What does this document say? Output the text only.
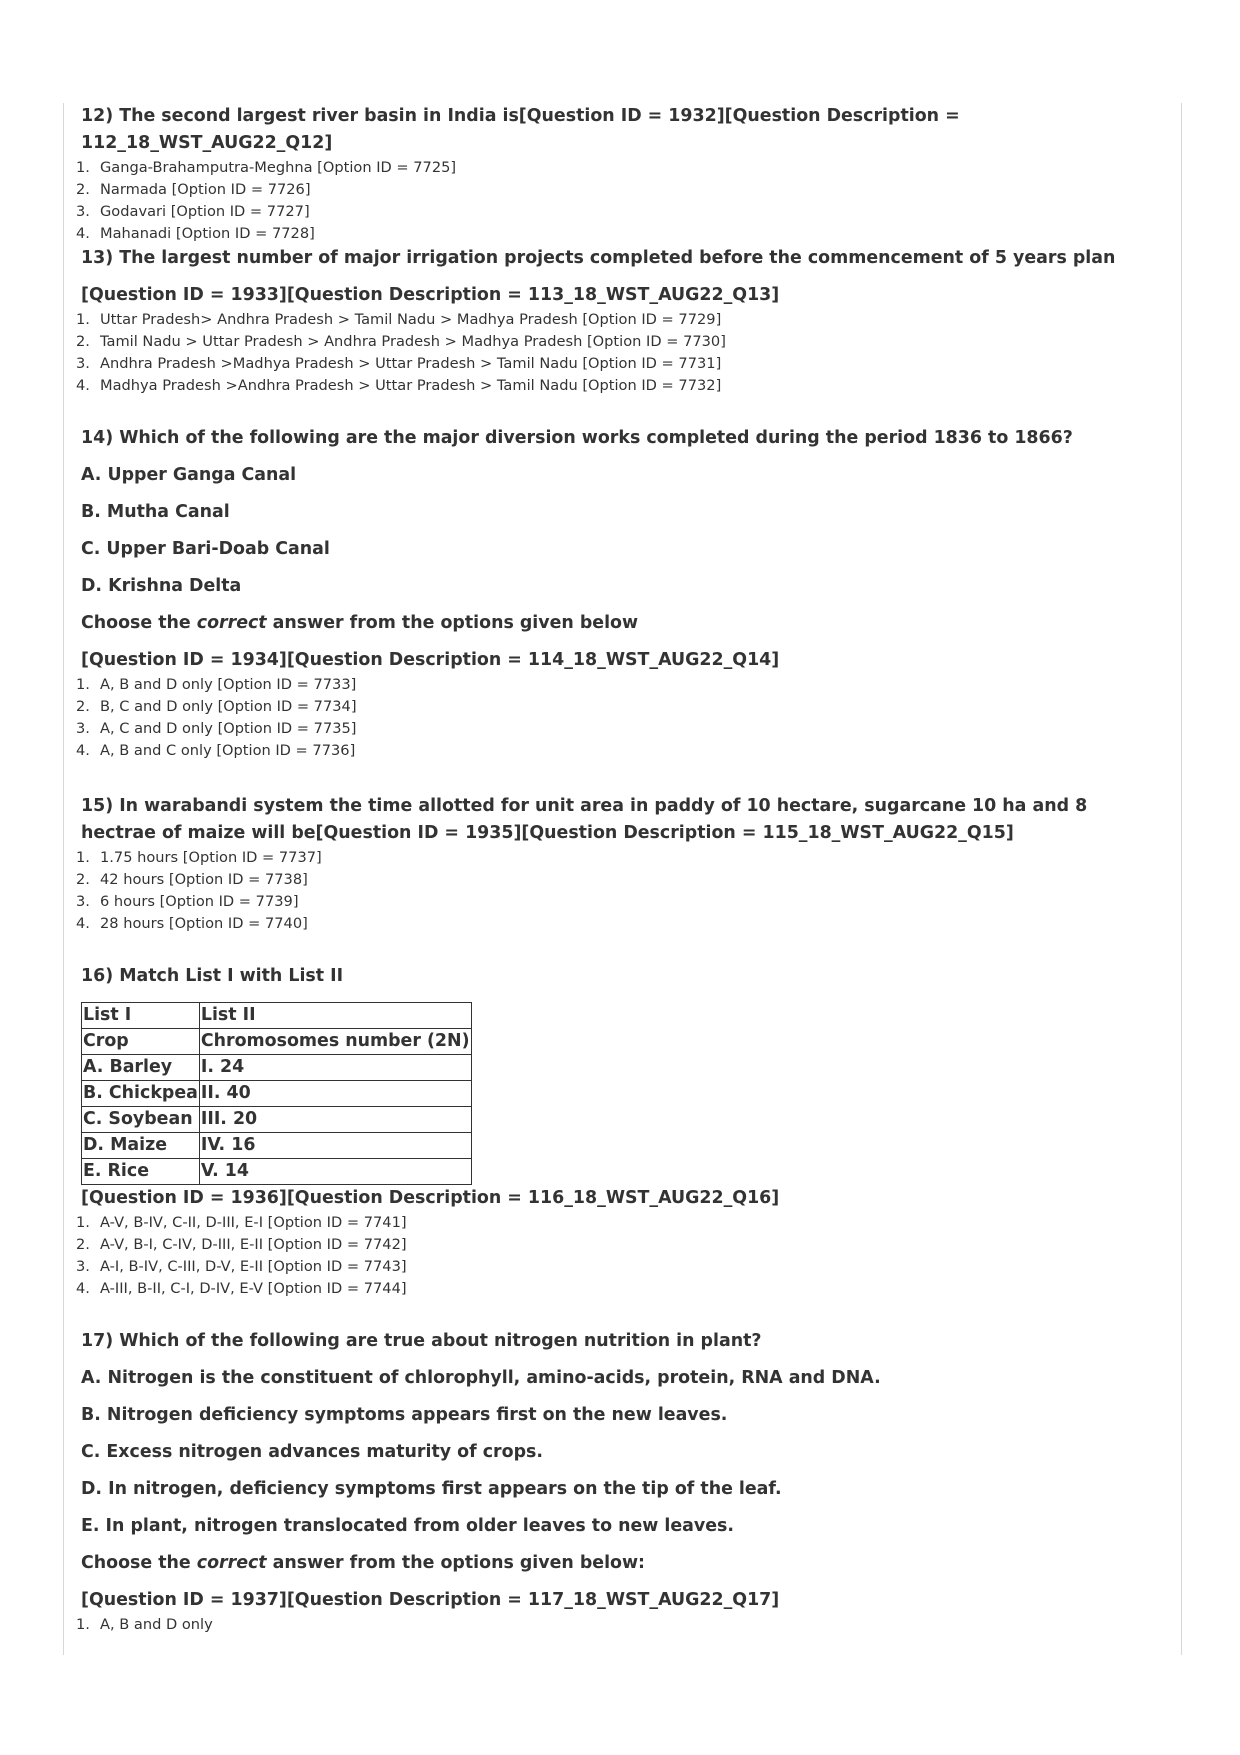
12) The second largest river basin in India is[Question ID = 1932][Question Description = 112_18_WST_AUG22_Q12]
1. Ganga-Brahamputra-Meghna [Option ID = 7725]
2. Narmada [Option ID = 7726]
3. Godavari [Option ID = 7727]
4. Mahanadi [Option ID = 7728]
13) The largest number of major irrigation projects completed before the commencement of 5 years plan
[Question ID = 1933][Question Description = 113_18_WST_AUG22_Q13]
1. Uttar Pradesh> Andhra Pradesh > Tamil Nadu > Madhya Pradesh [Option ID = 7729]
2. Tamil Nadu > Uttar Pradesh > Andhra Pradesh > Madhya Pradesh [Option ID = 7730]
3. Andhra Pradesh >Madhya Pradesh > Uttar Pradesh > Tamil Nadu [Option ID = 7731]
4. Madhya Pradesh >Andhra Pradesh > Uttar Pradesh > Tamil Nadu [Option ID = 7732]
14) Which of the following are the major diversion works completed during the period 1836 to 1866?
A. Upper Ganga Canal
B. Mutha Canal
C. Upper Bari-Doab Canal
D. Krishna Delta
Choose the correct answer from the options given below
[Question ID = 1934][Question Description = 114_18_WST_AUG22_Q14]
1. A, B and D only [Option ID = 7733]
2. B, C and D only [Option ID = 7734]
3. A, C and D only [Option ID = 7735]
4. A, B and C only [Option ID = 7736]
15) In warabandi system the time allotted for unit area in paddy of 10 hectare, sugarcane 10 ha and 8 hectrae of maize will be[Question ID = 1935][Question Description = 115_18_WST_AUG22_Q15]
1. 1.75 hours [Option ID = 7737]
2. 42 hours [Option ID = 7738]
3. 6 hours [Option ID = 7739]
4. 28 hours [Option ID = 7740]
16) Match List I with List II
List I	List II
Crop	Chromosomes number (2N)
A. Barley	I. 24
B. Chickpea	II. 40
C. Soybean	III. 20
D. Maize	IV. 16
E. Rice	V. 14
[Question ID = 1936][Question Description = 116_18_WST_AUG22_Q16]
1. A-V, B-IV, C-II, D-III, E-I [Option ID = 7741]
2. A-V, B-I, C-IV, D-III, E-II [Option ID = 7742]
3. A-I, B-IV, C-III, D-V, E-II [Option ID = 7743]
4. A-III, B-II, C-I, D-IV, E-V [Option ID = 7744]
17) Which of the following are true about nitrogen nutrition in plant?
A. Nitrogen is the constituent of chlorophyll, amino-acids, protein, RNA and DNA.
B. Nitrogen deficiency symptoms appears first on the new leaves.
C. Excess nitrogen advances maturity of crops.
D. In nitrogen, deficiency symptoms first appears on the tip of the leaf.
E. In plant, nitrogen translocated from older leaves to new leaves.
Choose the correct answer from the options given below:
[Question ID = 1937][Question Description = 117_18_WST_AUG22_Q17]
1. A, B and D only
